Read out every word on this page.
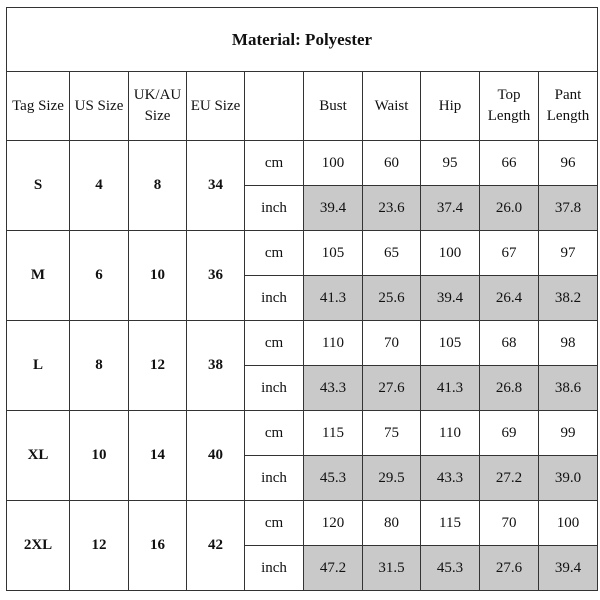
Material: Polyester									
Tag Size	US Size	UK/AU Size	EU Size		Bust	Waist	Hip	Top Length	Pant Length
S	4	8	34	cm	100	60	95	66	96
				inch	39.4	23.6	37.4	26.0	37.8
M	6	10	36	cm	105	65	100	67	97
				inch	41.3	25.6	39.4	26.4	38.2
L	8	12	38	cm	110	70	105	68	98
				inch	43.3	27.6	41.3	26.8	38.6
XL	10	14	40	cm	115	75	110	69	99
				inch	45.3	29.5	43.3	27.2	39.0
2XL	12	16	42	cm	120	80	115	70	100
				inch	47.2	31.5	45.3	27.6	39.4
